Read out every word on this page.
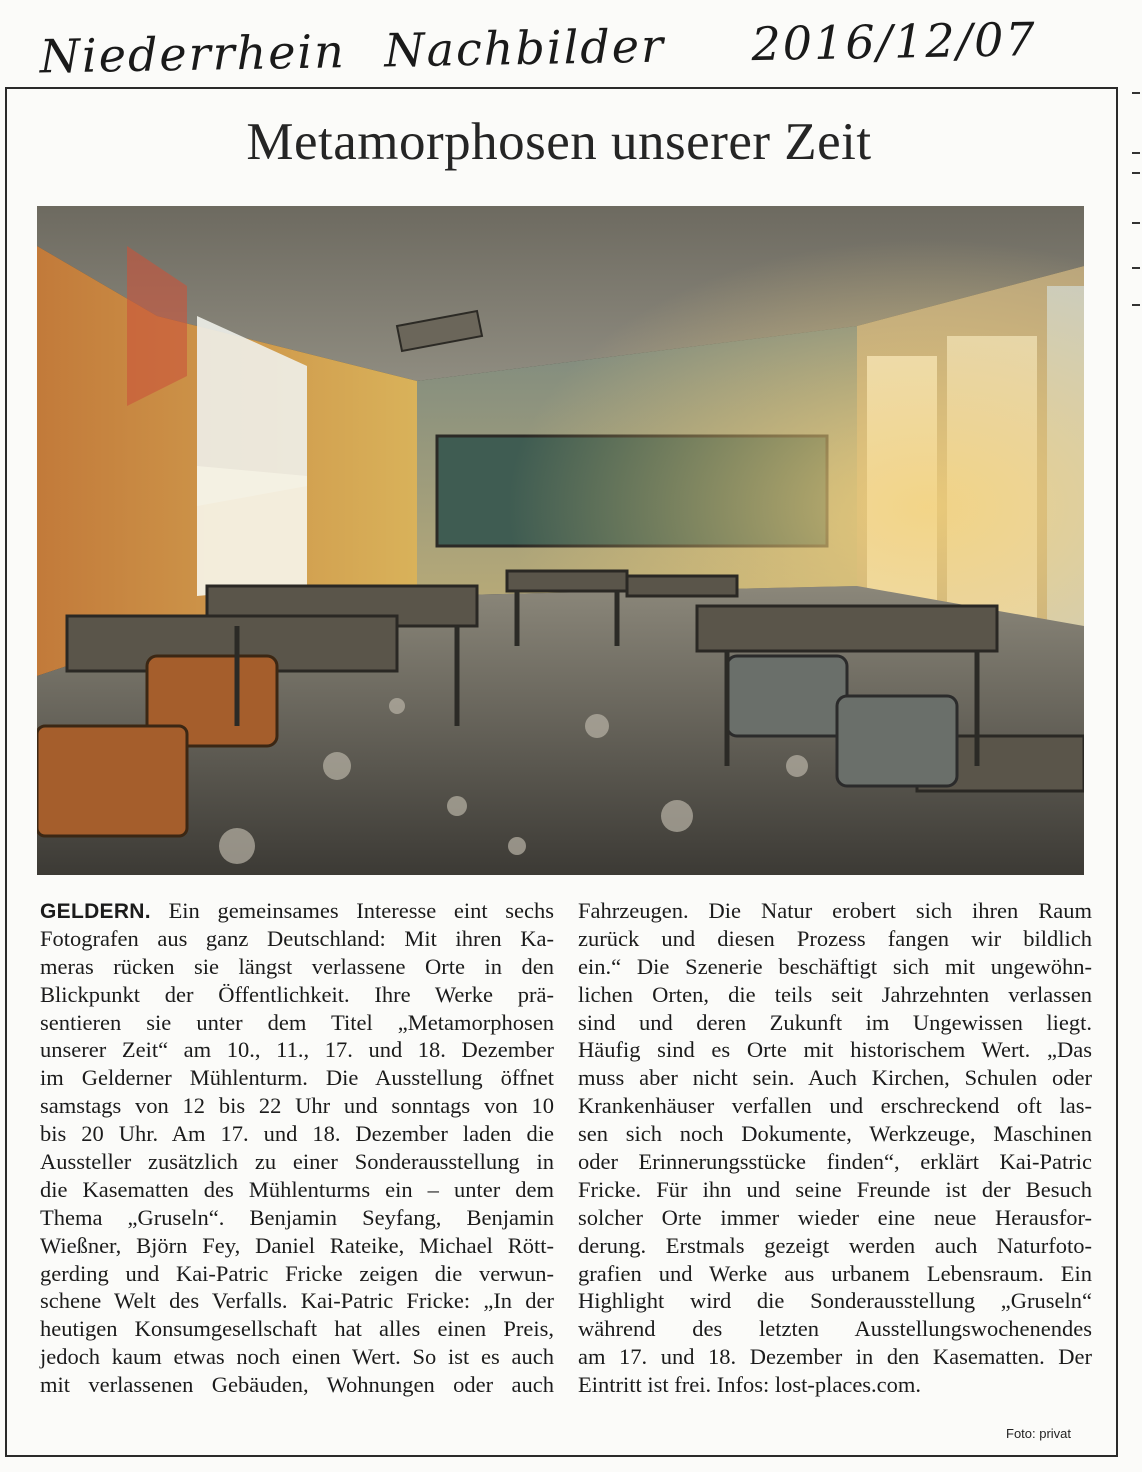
Niederrhein Nachbilder 2016/12/07
Metamorphosen unserer Zeit
GELDERN. Ein gemeinsames Interesse eint sechs
Fotografen aus ganz Deutschland: Mit ihren Ka-
meras rücken sie längst verlassene Orte in den
Blickpunkt der Öffentlichkeit. Ihre Werke prä-
sentieren sie unter dem Titel „Metamorphosen
unserer Zeit“ am 10., 11., 17. und 18. Dezember
im Gelderner Mühlenturm. Die Ausstellung öffnet
samstags von 12 bis 22 Uhr und sonntags von 10
bis 20 Uhr. Am 17. und 18. Dezember laden die
Aussteller zusätzlich zu einer Sonderausstellung in
die Kasematten des Mühlenturms ein – unter dem
Thema „Gruseln“. Benjamin Seyfang, Benjamin
Wießner, Björn Fey, Daniel Rateike, Michael Rött-
gerding und Kai-Patric Fricke zeigen die verwun-
schene Welt des Verfalls. Kai-Patric Fricke: „In der
heutigen Konsumgesellschaft hat alles einen Preis,
jedoch kaum etwas noch einen Wert. So ist es auch
mit verlassenen Gebäuden, Wohnungen oder auch
Fahrzeugen. Die Natur erobert sich ihren Raum
zurück und diesen Prozess fangen wir bildlich
ein.“ Die Szenerie beschäftigt sich mit ungewöhn-
lichen Orten, die teils seit Jahrzehnten verlassen
sind und deren Zukunft im Ungewissen liegt.
Häufig sind es Orte mit historischem Wert. „Das
muss aber nicht sein. Auch Kirchen, Schulen oder
Krankenhäuser verfallen und erschreckend oft las-
sen sich noch Dokumente, Werkzeuge, Maschinen
oder Erinnerungsstücke finden“, erklärt Kai-Patric
Fricke. Für ihn und seine Freunde ist der Besuch
solcher Orte immer wieder eine neue Herausfor-
derung. Erstmals gezeigt werden auch Naturfoto-
grafien und Werke aus urbanem Lebensraum. Ein
Highlight wird die Sonderausstellung „Gruseln“
während des letzten Ausstellungswochenendes
am 17. und 18. Dezember in den Kasematten. Der
Eintritt ist frei. Infos: lost-places.com.
Foto: privat
